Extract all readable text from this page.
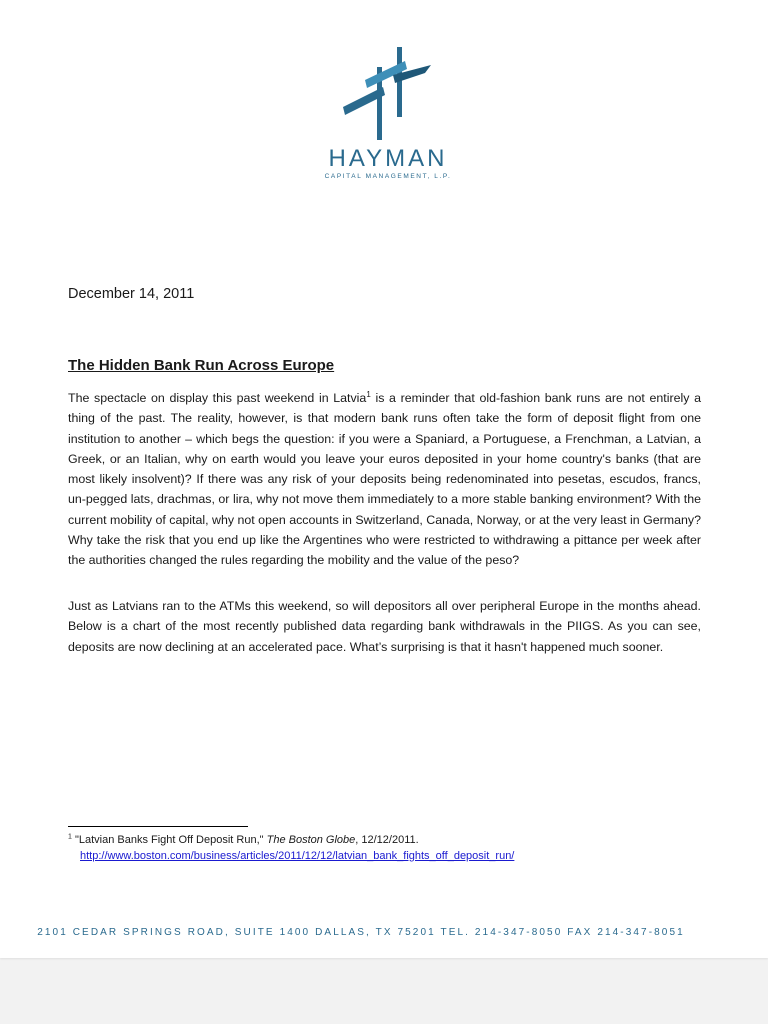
HAYMAN
CAPITAL MANAGEMENT, L.P.
December 14, 2011
The Hidden Bank Run Across Europe

The spectacle on display this past weekend in Latvia$^1$ is a reminder that old-fashion bank runs are not entirely a thing of the past. The reality, however, is that modern bank runs often take the form of deposit flight from one institution to another – which begs the question: if you were a Spaniard, a Portuguese, a Frenchman, a Latvian, a Greek, or an Italian, why on earth would you leave your euros deposited in your home country's banks (that are most likely insolvent)? If there was any risk of your deposits being redenominated into pesetas, escudos, francs, un-pegged lats, drachmas, or lira, why not move them immediately to a more stable banking environment? With the current mobility of capital, why not open accounts in Switzerland, Canada, Norway, or at the very least in Germany? Why take the risk that you end up like the Argentines who were restricted to withdrawing a pittance per week after the authorities changed the rules regarding the mobility and the value of the peso?

Just as Latvians ran to the ATMs this weekend, so will depositors all over peripheral Europe in the months ahead. Below is a chart of the most recently published data regarding bank withdrawals in the PIIGS. As you can see, deposits are now declining at an accelerated pace. What’s surprising is that it hasn't happened much sooner.

$^1$ "Latvian Banks Fight Off Deposit Run," The Boston Globe, 12/12/2011.
http://www.boston.com/business/articles/2011/12/12/latvian_bank_fights_off_deposit_run/
2101 CEDAR SPRINGS ROAD, SUITE 1400 DALLAS, TX 75201 TEL. 214-347-8050 FAX 214-347-8051
